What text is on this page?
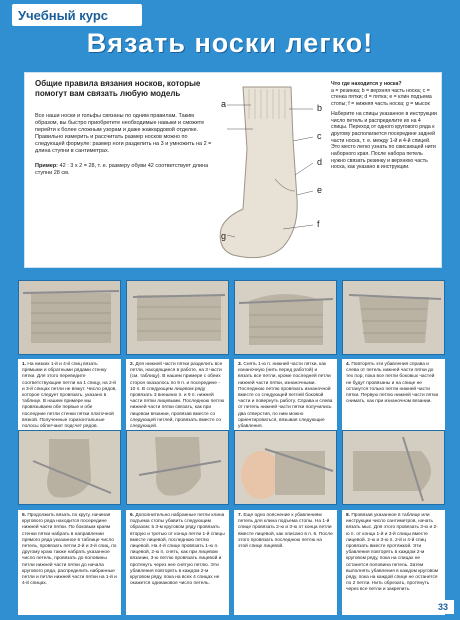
Учебный курс
Вязать носки легко!
Общие правила вязания носков, которые помогут вам связать любую модель
Все наши носки и гольфы связаны по одним правилам. Таким образом, вы быстро приобретете необходимые навыки и сможете перейти к более сложным узорам и даже жаккардовой отделке. Правильно измерить и рассчитать размер носков можно по следующей формуле: размер ноги разделить на 3 и умножить на 2 = длина ступни в сантиметрах.
Пример: 42 : 3 х 2 = 28, т. е. размеру обуви 42 соответствует длина ступни 28 см.
a	b
c
d
e
f
g
Что где находится у носка?
a = резинка; b = верхняя часть носка; c = стенка пятки; d = пятка; e = клин подъема стопы; f = нижняя часть носка; g = мысок
Наберите на спицы указанное в инструкции число петель и распределите их на 4 спицы. Переход от одного кругового ряда к другому располагается посередине задней части носка, т. е. между 1-й и 4-й спицей. Это место легко узнать по свисающей нити наборного края. После набора петель нужно связать резинку и верхнюю часть носка, как указано в инструкции.
1. На низких 1-й и 4-й спиц вязать прямыми и обратными рядами стенку пятки. Для этого переведите соответствующие петли на 1 спицу, на 2-й и 3-й спицах петли не вяжут. Число рядов, которое следует провязать, указано в таблице. В нашем примере мы провязываем обе первые и обе последние петли стенки пятки платочной вязкой. Полученные горизонтальные полосы облегчают подсчет рядов.
2. Для нижней части пятки разделить все петли, находящиеся в работе, на 3 части (см. таблицу). В нашем примере с обеих сторон оказалось по 9 п. и посередине - 10 п. В следующем лицевом ряду провязать 3 внешних п. и 9 п. нижней части пятки лицевыми. Последнюю петлю нижней части пятки связать, как при лицевом вязании, провязав вместе со следующей петлей, провязать вместе со следующей.
3. Снять 1-ю п. нижней части пятки, как изнаночную (нить перед работой) и вязать все петли, кроме последней петли нижней части пятки, изнаночными. Последнюю петлю провязать изнаночной вместе со следующей петлей боковой части и повернуть работу. Справа и слева от петель нижней части пятки получились два отверстия, по ним можно ориентироваться, вязывая следующие убавления.
4. Повторять эти убавления справа и слева от петель нижней части пятки до тех пор, пока все петли боковых частей не будут провязаны и на спице не останутся только петли нижней части пятки. Первую петлю нижней части пятки снимать, как при изнаночном вязании.
5. Продолжить вязать по кругу, начиная кругового ряда находится посередине нижней части пятки. По боковым краям стенки пятки набрать в направлении прямого ряда указанное в таблице число петель, провязать петли 2-й и 3-й спиц, по другому краю также набрать указанное число петель, провязать до половины петли нижней части пятки до начала кругового ряда, распределить набранные петли и петли нижней части пятки на 1-й и 4-й спицах.
6. Дополнительно набранные петли клина подъема стопы убавить следующим образом: в 3-м круговом ряду провязать вторую и третью от конца петли 1-й спицы вместе лицевой, последнюю петлю лицевой. На 4-й спице провязать 1-ю п. лицевой, 2-ю п. снять, как при лицевом вязании, 3-ю петлю провязать лицевой и протянуть через нее снятую петлю. Эти убавления повторять в каждом 2-м круговом ряду, пока на всех 4 спицах не окажется одинаковое число петель.
7. Еще одно пояснение к убавлениям петель для клина подъема стопы. На 1-й спице провязать 2-ю и 3-ю от конца петли вместе лицевой, как описано в п. 6. После этого провязать последнюю петлю на этой спице лицевой.
8. Провязав указанное в таблице или инструкции число сантиметров, начать вязать мыс. Для этого провязать 3-ю и 2-ю п. от конца 1-й и 3-й спицы вместе лицевой. 2-ю и 3-ю п. 2-й и 4-й спиц провязать вместе протяжкой. Эти убавления повторять в каждом 2-м круговом ряду, пока на спицах не останется половина петель. Затем выполнять убавления в каждом круговом ряду, пока на каждой спице не останется по 2 петли. Нить обрезать, протянуть через все петли и закрепить.
33
